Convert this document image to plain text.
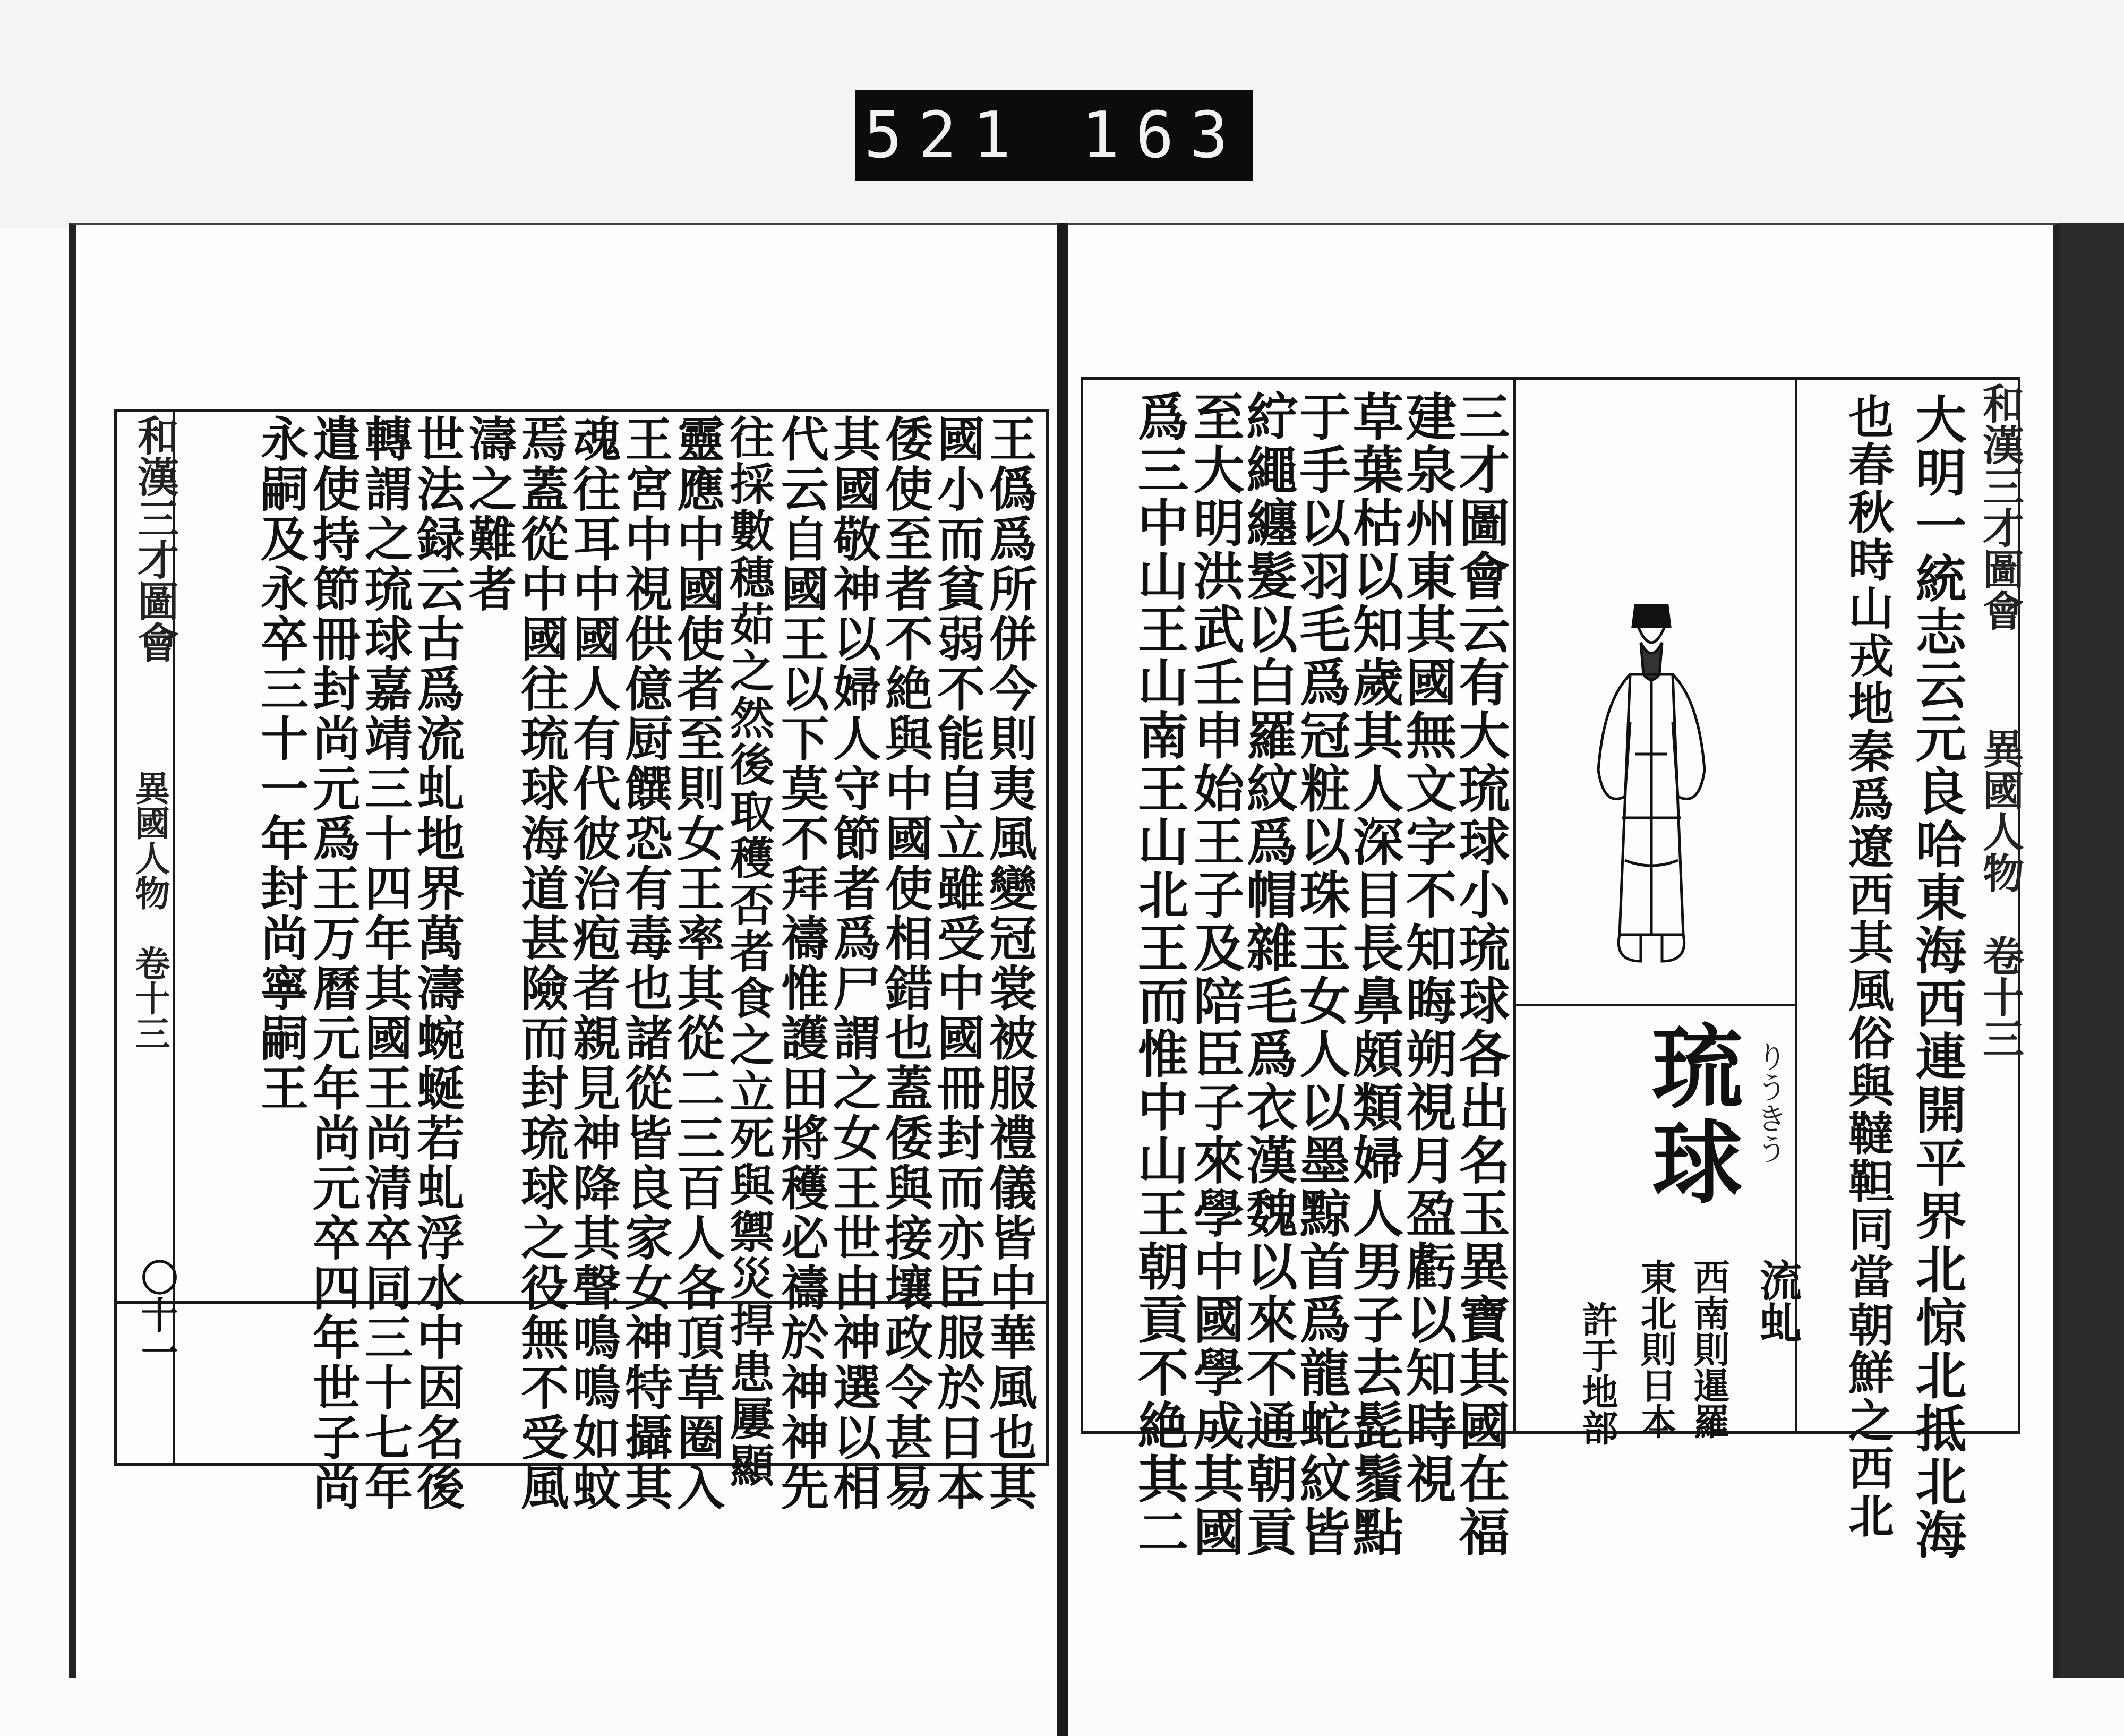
521 163
和漢三才圖會
異國人物　卷十三
大明一統志云元良哈東海西連開平界北惊北抵北海
也春秋時山戎地秦爲遼西其風俗與韃靼同當朝鮮之西北
りうきう
琉球
流虬
西南則暹羅
東北則日本
許于地部
三才圖會云有大琉球小琉球各出名玉異寶其國在福
建泉州東其國無文字不知晦朔視月盈虧以知時視
草葉枯以知歲其人深目長鼻頗類婦人男子去髭鬚點
于手以羽毛爲冠粧以珠玉女人以墨黥首爲龍蛇紋皆
紵繩纏髮以白羅紋爲帽雜毛爲衣漢魏以來不通朝貢
至大明洪武壬申始王子及陪臣子來學中國學成其國
爲三中山王山南王山北王而惟中山王朝貢不絶其二
和漢三才圖會
異國人物　卷十三
〇十一	王僞爲所併今則夷風變冠裳被服禮儀皆中華風也其
國小而貧弱不能自立雖受中國冊封而亦臣服於日本
倭使至者不絶與中國使相錯也蓋倭與接壤政令甚易
其國敬神以婦人守節者爲尸謂之女王世由神選以相
代云自國王以下莫不拜禱惟護田將穫必禱於神神先
往採數穗茹之然後取穫否者食之立死與禦災捍患屢顯
靈應中國使者至則女王率其從二三百人各頂草圈入
王宮中視供億厨饌恐有毒也諸從皆良家女神特攝其
魂往耳中國人有代彼治疱者親見神降其聲鳴鳴如蚊
焉蓋從中國往琉球海道甚險而封琉球之役無不受風
濤之難者
世法録云古爲流虬地界萬濤蜿蜒若虬浮水中因名後
轉謂之琉球嘉靖三十四年其國王尚清卒同三十七年
遣使持節冊封尚元爲王万曆元年尚元卒四年世子尚
永嗣及永卒三十一年封尚寧嗣王
